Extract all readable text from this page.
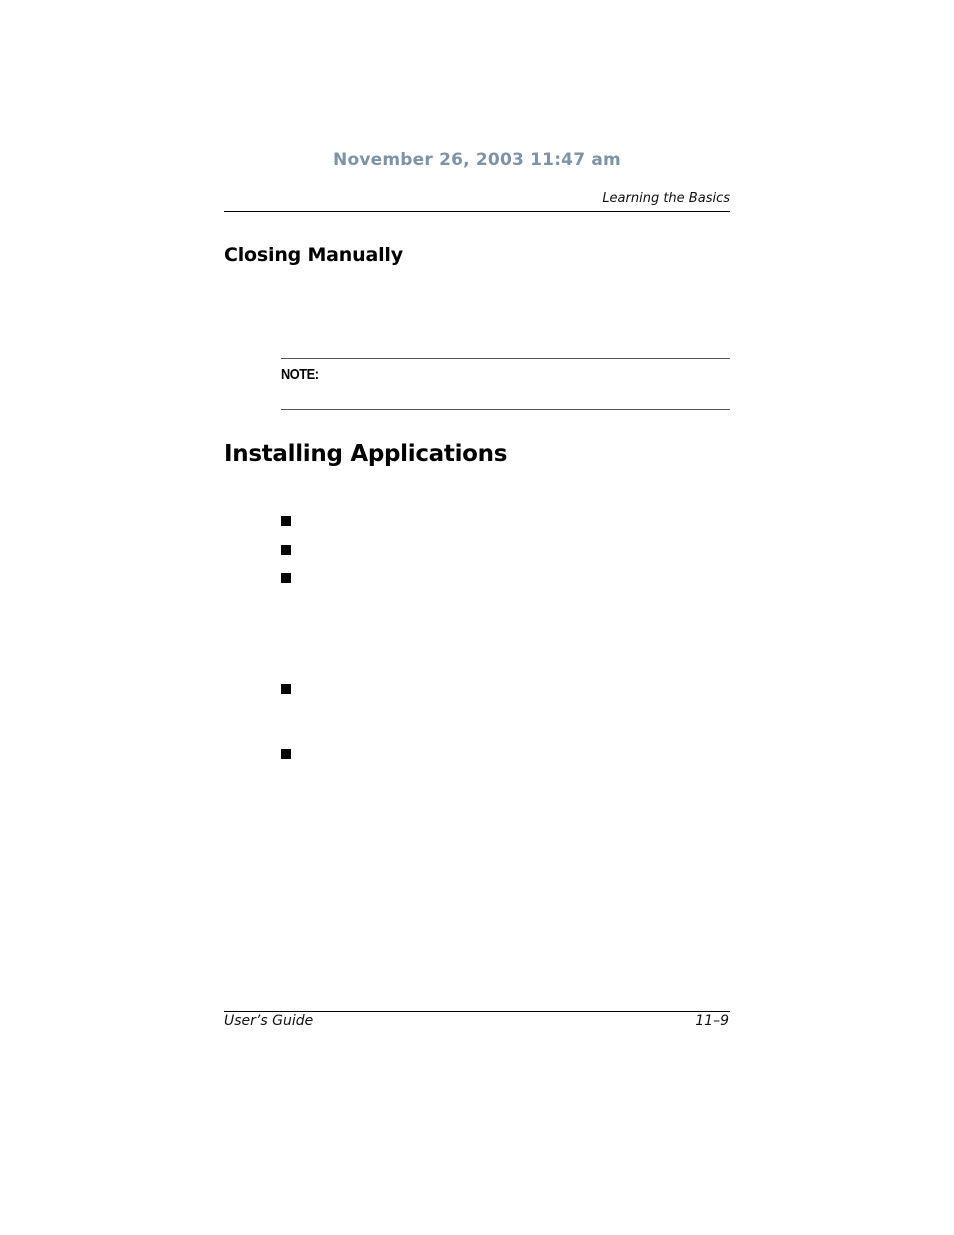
November 26, 2003 11:47 am
Learning the Basics
Closing Manually
NOTE:
Installing Applications
User’s Guide	11–9
